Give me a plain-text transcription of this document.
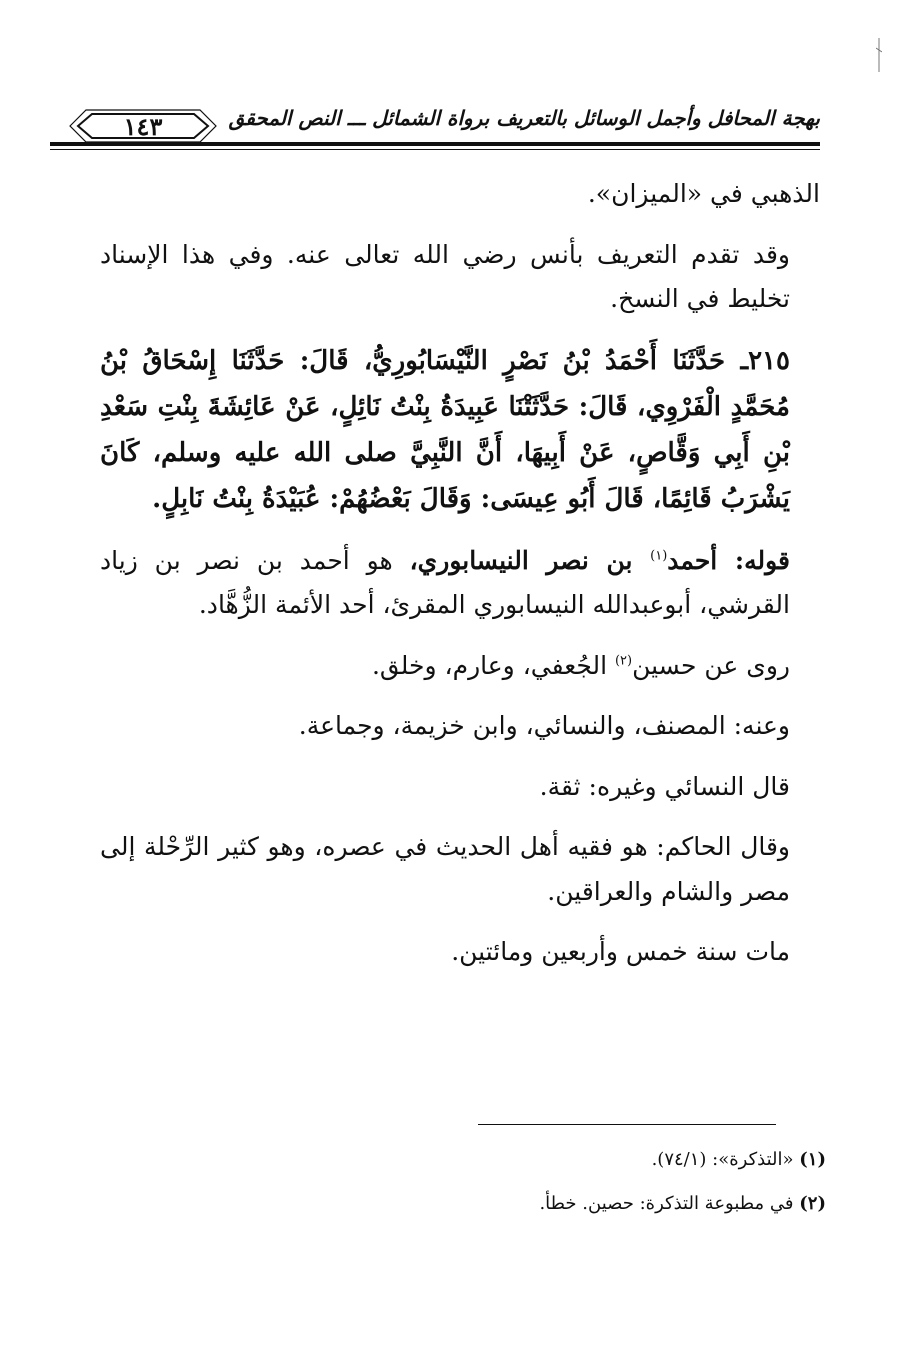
بهجة المحافل وأجمل الوسائل بالتعريف برواة الشمائل ـــ النص المحقق
١٤٣

الذهبي في «الميزان».

وقد تقدم التعريف بأنس رضي الله تعالى عنه. وفي هذا الإسناد تخليط في النسخ.

٢١٥ـ حَدَّثَنَا أَحْمَدُ بْنُ نَصْرٍ النَّيْسَابُورِيُّ، قَالَ: حَدَّثَنَا إِسْحَاقُ بْنُ مُحَمَّدٍ الْفَرْوِي، قَالَ: حَدَّثَتْنَا عَبِيدَةُ بِنْتُ نَائِلٍ، عَنْ عَائِشَةَ بِنْتِ سَعْدِ بْنِ أَبِي وَقَّاصٍ، عَنْ أَبِيهَا، أَنَّ النَّبِيَّ صلى الله عليه وسلم، كَانَ يَشْرَبُ قَائِمًا، قَالَ أَبُو عِيسَى: وَقَالَ بَعْضُهُمْ: عُبَيْدَةُ بِنْتُ نَابِلٍ.

قوله: أحمد$^{(١)}$ بن نصر النيسابوري، هو أحمد بن نصر بن زياد القرشي، أبوعبدالله النيسابوري المقرئ، أحد الأئمة الزُّهَّاد.

روى عن حسين$^{(٢)}$ الجُعفي، وعارم، وخلق.

وعنه: المصنف، والنسائي، وابن خزيمة، وجماعة.

قال النسائي وغيره: ثقة.

وقال الحاكم: هو فقيه أهل الحديث في عصره، وهو كثير الرِّحْلة إلى مصر والشام والعراقين.

مات سنة خمس وأربعين ومائتين.

(١) «التذكرة»: (٧٤/١).
(٢) في مطبوعة التذكرة: حصين. خطأ.
